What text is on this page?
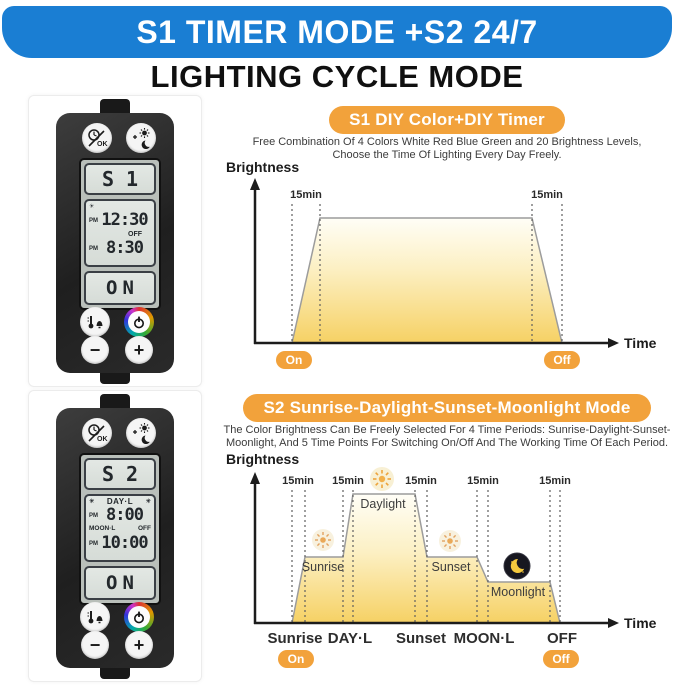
S1 TIMER MODE +S2 24/7
LIGHTING CYCLE MODE
OK
S1
☀
PM 12:30
OFF
PM 8:30
ON
− +
OK
S2
☀ DAY·L ☀
PM 8:00
MOON·L	OFF
PM 10:00
ON
− +
S1 DIY Color+DIY Timer
Free Combination Of 4 Colors White Red Blue Green and 20 Brightness Levels,
Choose the Time Of Lighting Every Day Freely.
Brightness
Time
15min	15min
On	Off
S2 Sunrise-Daylight-Sunset-Moonlight Mode
The Color Brightness Can Be Freely Selected For 4 Time Periods: Sunrise-Daylight-Sunset-
Moonlight, And 5 Time Points For Switching On/Off And The Working Time Of Each Period.
Brightness
Time
15min 15min	15min	15min	15min
Sunrise
Daylight
Sunset
Moonlight
Sunrise DAY·L Sunset MOON·L OFF
On	Off
